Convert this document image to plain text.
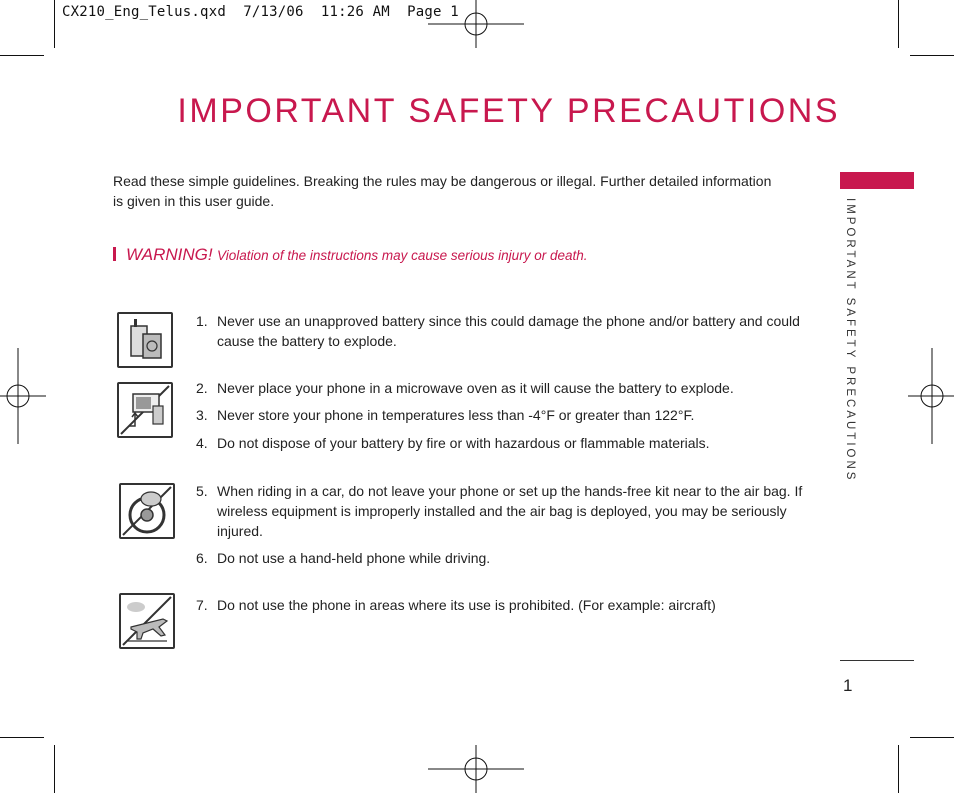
CX210_Eng_Telus.qxd  7/13/06  11:26 AM  Page 1
IMPORTANT SAFETY PRECAUTIONS
IMPORTANT SAFETY PRECAUTIONS

Read these simple guidelines. Breaking the rules may be dangerous or illegal. Further detailed information is given in this user guide.

WARNING! Violation of the instructions may cause serious injury or death.
1. Never use an unapproved battery since this could damage the phone and/or battery and could cause the battery to explode.
2. Never place your phone in a microwave oven as it will cause the battery to explode.
3. Never store your phone in temperatures less than -4°F or greater than 122°F.
4. Do not dispose of your battery by fire or with hazardous or flammable materials.
5. When riding in a car, do not leave your phone or set up the hands-free kit near to the air bag. If wireless equipment is improperly installed and the air bag is deployed, you may be seriously injured.
6. Do not use a hand-held phone while driving.
7. Do not use the phone in areas where its use is prohibited. (For example: aircraft)
1
